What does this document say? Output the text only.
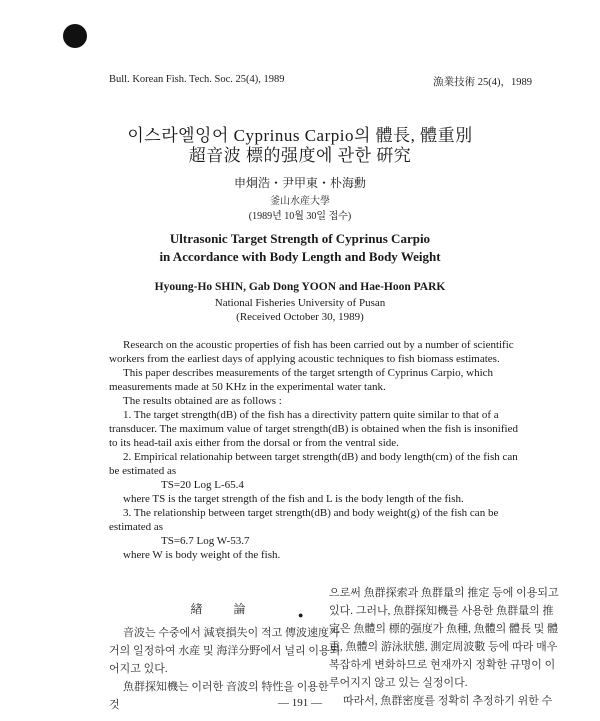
Bull. Korean Fish. Tech. Soc. 25(4), 1989	漁業技術 25(4)，1989
이스라엘잉어 Cyprinus Carpio의 體長, 體重別
超音波 標的强度에 관한 硏究
申炯浩・尹甲東・朴海勳
釜山水産大學
(1989년 10월 30일 접수)
Ultrasonic Target Strength of Cyprinus Carpio
in Accordance with Body Length and Body Weight
Hyoung-Ho SHIN, Gab Dong YOON and Hae-Hoon PARK
National Fisheries University of Pusan
(Received October 30, 1989)

Research on the acoustic properties of fish has been carried out by a number of scientific workers from the earliest days of applying acoustic techniques to fish biomass estimates.

This paper describes measurements of the target srtength of Cyprinus Carpio, which measurements made at 50 KHz in the experimental water tank.

The results obtained are as follows :

1. The target strength(dB) of the fish has a directivity pattern quite similar to that of a transducer. The maximum value of target strength(dB) is obtained when the fish is insonified to its head-tail axis either from the dorsal or from the ventral side.

2. Empirical relationahip between target strength(dB) and body length(cm) of the fish can be estimated as

TS=20 Log L-65.4

where TS is the target strength of the fish and L is the body length of the fish.

3. The relationship between target strength(dB) and body weight(g) of the fish can be estimated as

TS=6.7 Log W-53.7

where W is body weight of the fish.

緖 論

音波는 수중에서 減衰損失이 적고 傳波速度가 거의 일정하여 水産 및 海洋分野에서 널리 이용되어지고 있다.

魚群探知機는 이러한 音波의 特性을 이용한 것

●

으로써 魚群探索과 魚群量의 推定 등에 이용되고 있다. 그러나, 魚群探知機를 사용한 魚群量의 推定은 魚體의 標的强度가 魚種, 魚體의 體長 및 體重, 魚體의 游泳狀態, 測定周波數 등에 따라 매우 복잡하게 변화하므로 현재까지 정확한 규명이 이루어지지 않고 있는 실정이다.

따라서, 魚群密度를 정확히 추정하기 위한 수

— 191 —
